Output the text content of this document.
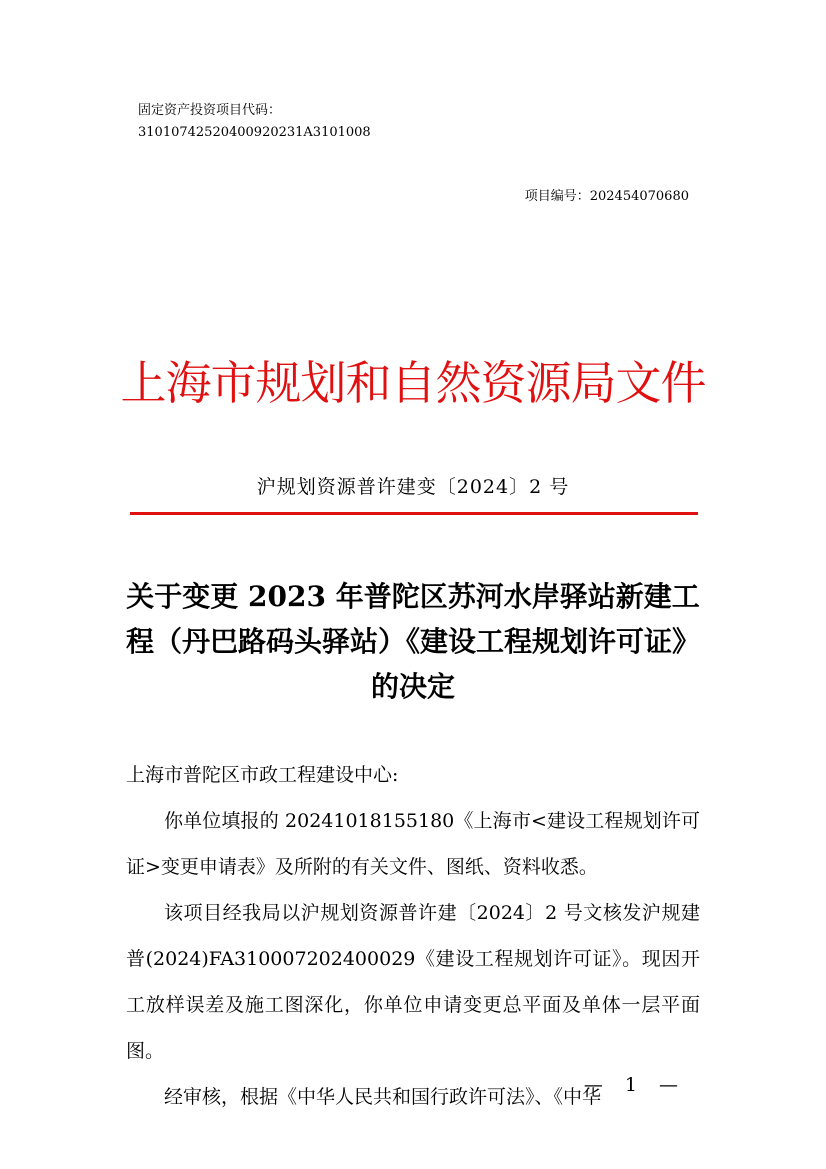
固定资产投资项目代码：
31010742520400920231A3101008
项目编号：202454070680
上海市规划和自然资源局文件
沪规划资源普许建变〔2024〕2 号
关于变更 2023 年普陀区苏河水岸驿站新建工程（丹巴路码头驿站）《建设工程规划许可证》的决定

上海市普陀区市政工程建设中心:

你单位填报的 20241018155180《上海市<建设工程规划许可证>变更申请表》及所附的有关文件、图纸、资料收悉。

该项目经我局以沪规划资源普许建〔2024〕2 号文核发沪规建普(2024)FA310007202400029《建设工程规划许可证》。现因开工放样误差及施工图深化，你单位申请变更总平面及单体一层平面图。

经审核，根据《中华人民共和国行政许可法》、《中华

— 1 —
